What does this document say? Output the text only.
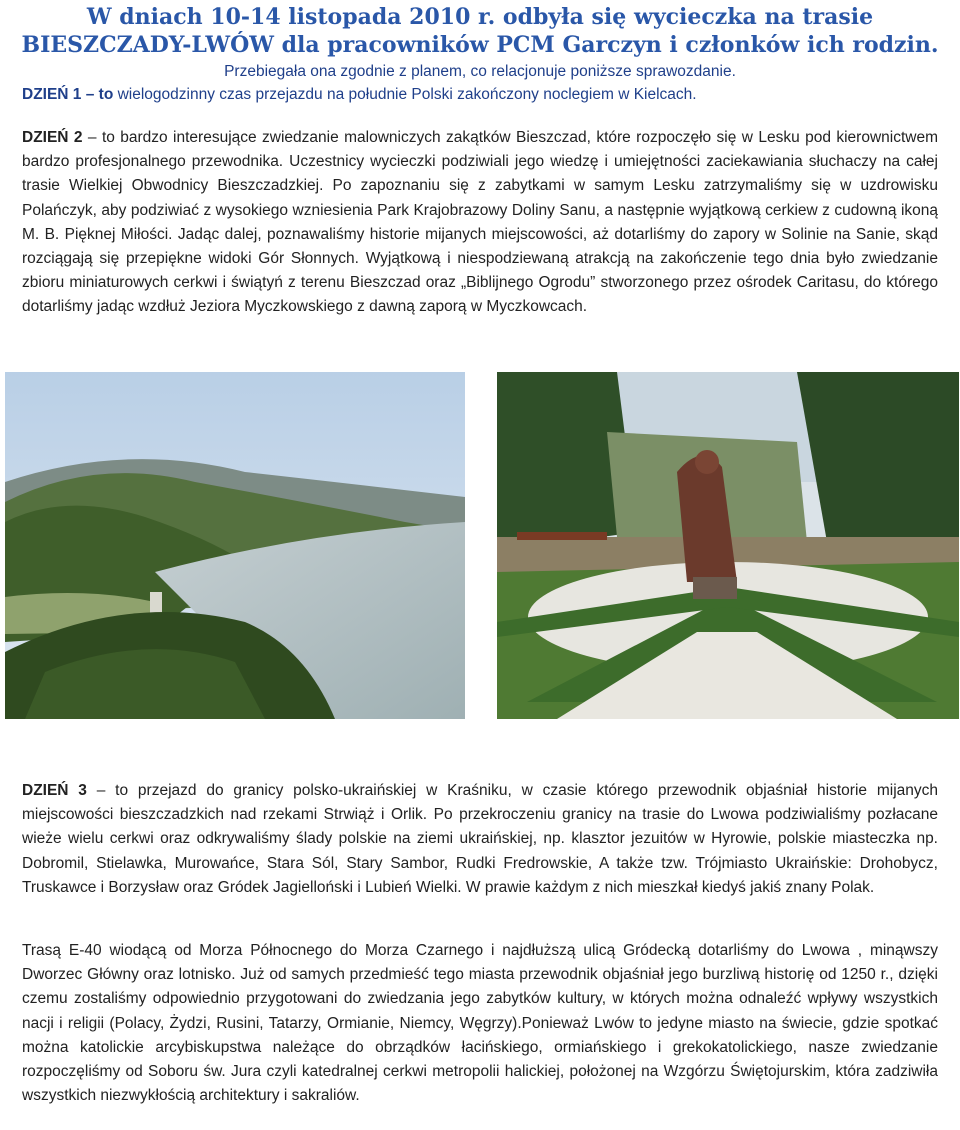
W dniach 10-14 listopada 2010 r. odbyła się wycieczka na trasie
BIESZCZADY-LWÓW dla pracowników PCM Garczyn i członków ich rodzin.

Przebiegała ona zgodnie z planem, co relacjonuje poniższe sprawozdanie.

DZIEŃ 1 – to wielogodzinny czas przejazdu na południe Polski zakończony noclegiem w Kielcach.

DZIEŃ 2 – to bardzo interesujące zwiedzanie malowniczych zakątków Bieszczad, które rozpoczęło się w Lesku pod kierownictwem bardzo profesjonalnego przewodnika. Uczestnicy wycieczki podziwiali jego wiedzę i umiejętności zaciekawiania słuchaczy na całej trasie Wielkiej Obwodnicy Bieszczadzkiej. Po zapoznaniu się z zabytkami w samym Lesku zatrzymaliśmy się w uzdrowisku Polańczyk, aby podziwiać z wysokiego wzniesienia Park Krajobrazowy Doliny Sanu, a następnie wyjątkową cerkiew z cudowną ikoną M. B. Pięknej Miłości. Jadąc dalej, poznawaliśmy historie mijanych miejscowości, aż dotarliśmy do zapory w Solinie na Sanie, skąd rozciągają się przepiękne widoki Gór Słonnych. Wyjątkową i niespodziewaną atrakcją na zakończenie tego dnia było zwiedzanie zbioru miniaturowych cerkwi i świątyń z terenu Bieszczad oraz „Biblijnego Ogrodu” stworzonego przez ośrodek Caritasu, do którego dotarliśmy jadąc wzdłuż Jeziora Myczkowskiego z dawną zaporą w Myczkowcach.

DZIEŃ 3 – to przejazd do granicy polsko-ukraińskiej w Kraśniku, w czasie którego przewodnik objaśniał historie mijanych miejscowości bieszczadzkich nad rzekami Strwiąż i Orlik. Po przekroczeniu granicy na trasie do Lwowa podziwialiśmy pozłacane wieże wielu cerkwi oraz odkrywaliśmy ślady polskie na ziemi ukraińskiej, np. klasztor jezuitów w Hyrowie, polskie miasteczka np. Dobromil, Stielawka, Murowańce, Stara Sól, Stary Sambor, Rudki Fredrowskie, A także tzw. Trójmiasto Ukraińskie: Drohobycz, Truskawce i Borzysław oraz Gródek Jagielloński i Lubień Wielki. W prawie każdym z nich mieszkał kiedyś jakiś znany Polak.

Trasą E-40 wiodącą od Morza Północnego do Morza Czarnego i najdłuższą ulicą Gródecką dotarliśmy do Lwowa , minąwszy Dworzec Główny oraz lotnisko. Już od samych przedmieść tego miasta przewodnik objaśniał jego burzliwą historię od 1250 r., dzięki czemu zostaliśmy odpowiednio przygotowani do zwiedzania jego zabytków kultury, w których można odnaleźć wpływy wszystkich nacji i religii (Polacy, Żydzi, Rusini, Tatarzy, Ormianie, Niemcy, Węgrzy).Ponieważ Lwów to jedyne miasto na świecie, gdzie spotkać można katolickie arcybiskupstwa należące do obrządków łacińskiego, ormiańskiego i grekokatolickiego, nasze zwiedzanie rozpoczęliśmy od Soboru św. Jura czyli katedralnej cerkwi metropolii halickiej, położonej na Wzgórzu Świętojurskim, która zadziwiła wszystkich niezwykłością architektury i sakraliów.
